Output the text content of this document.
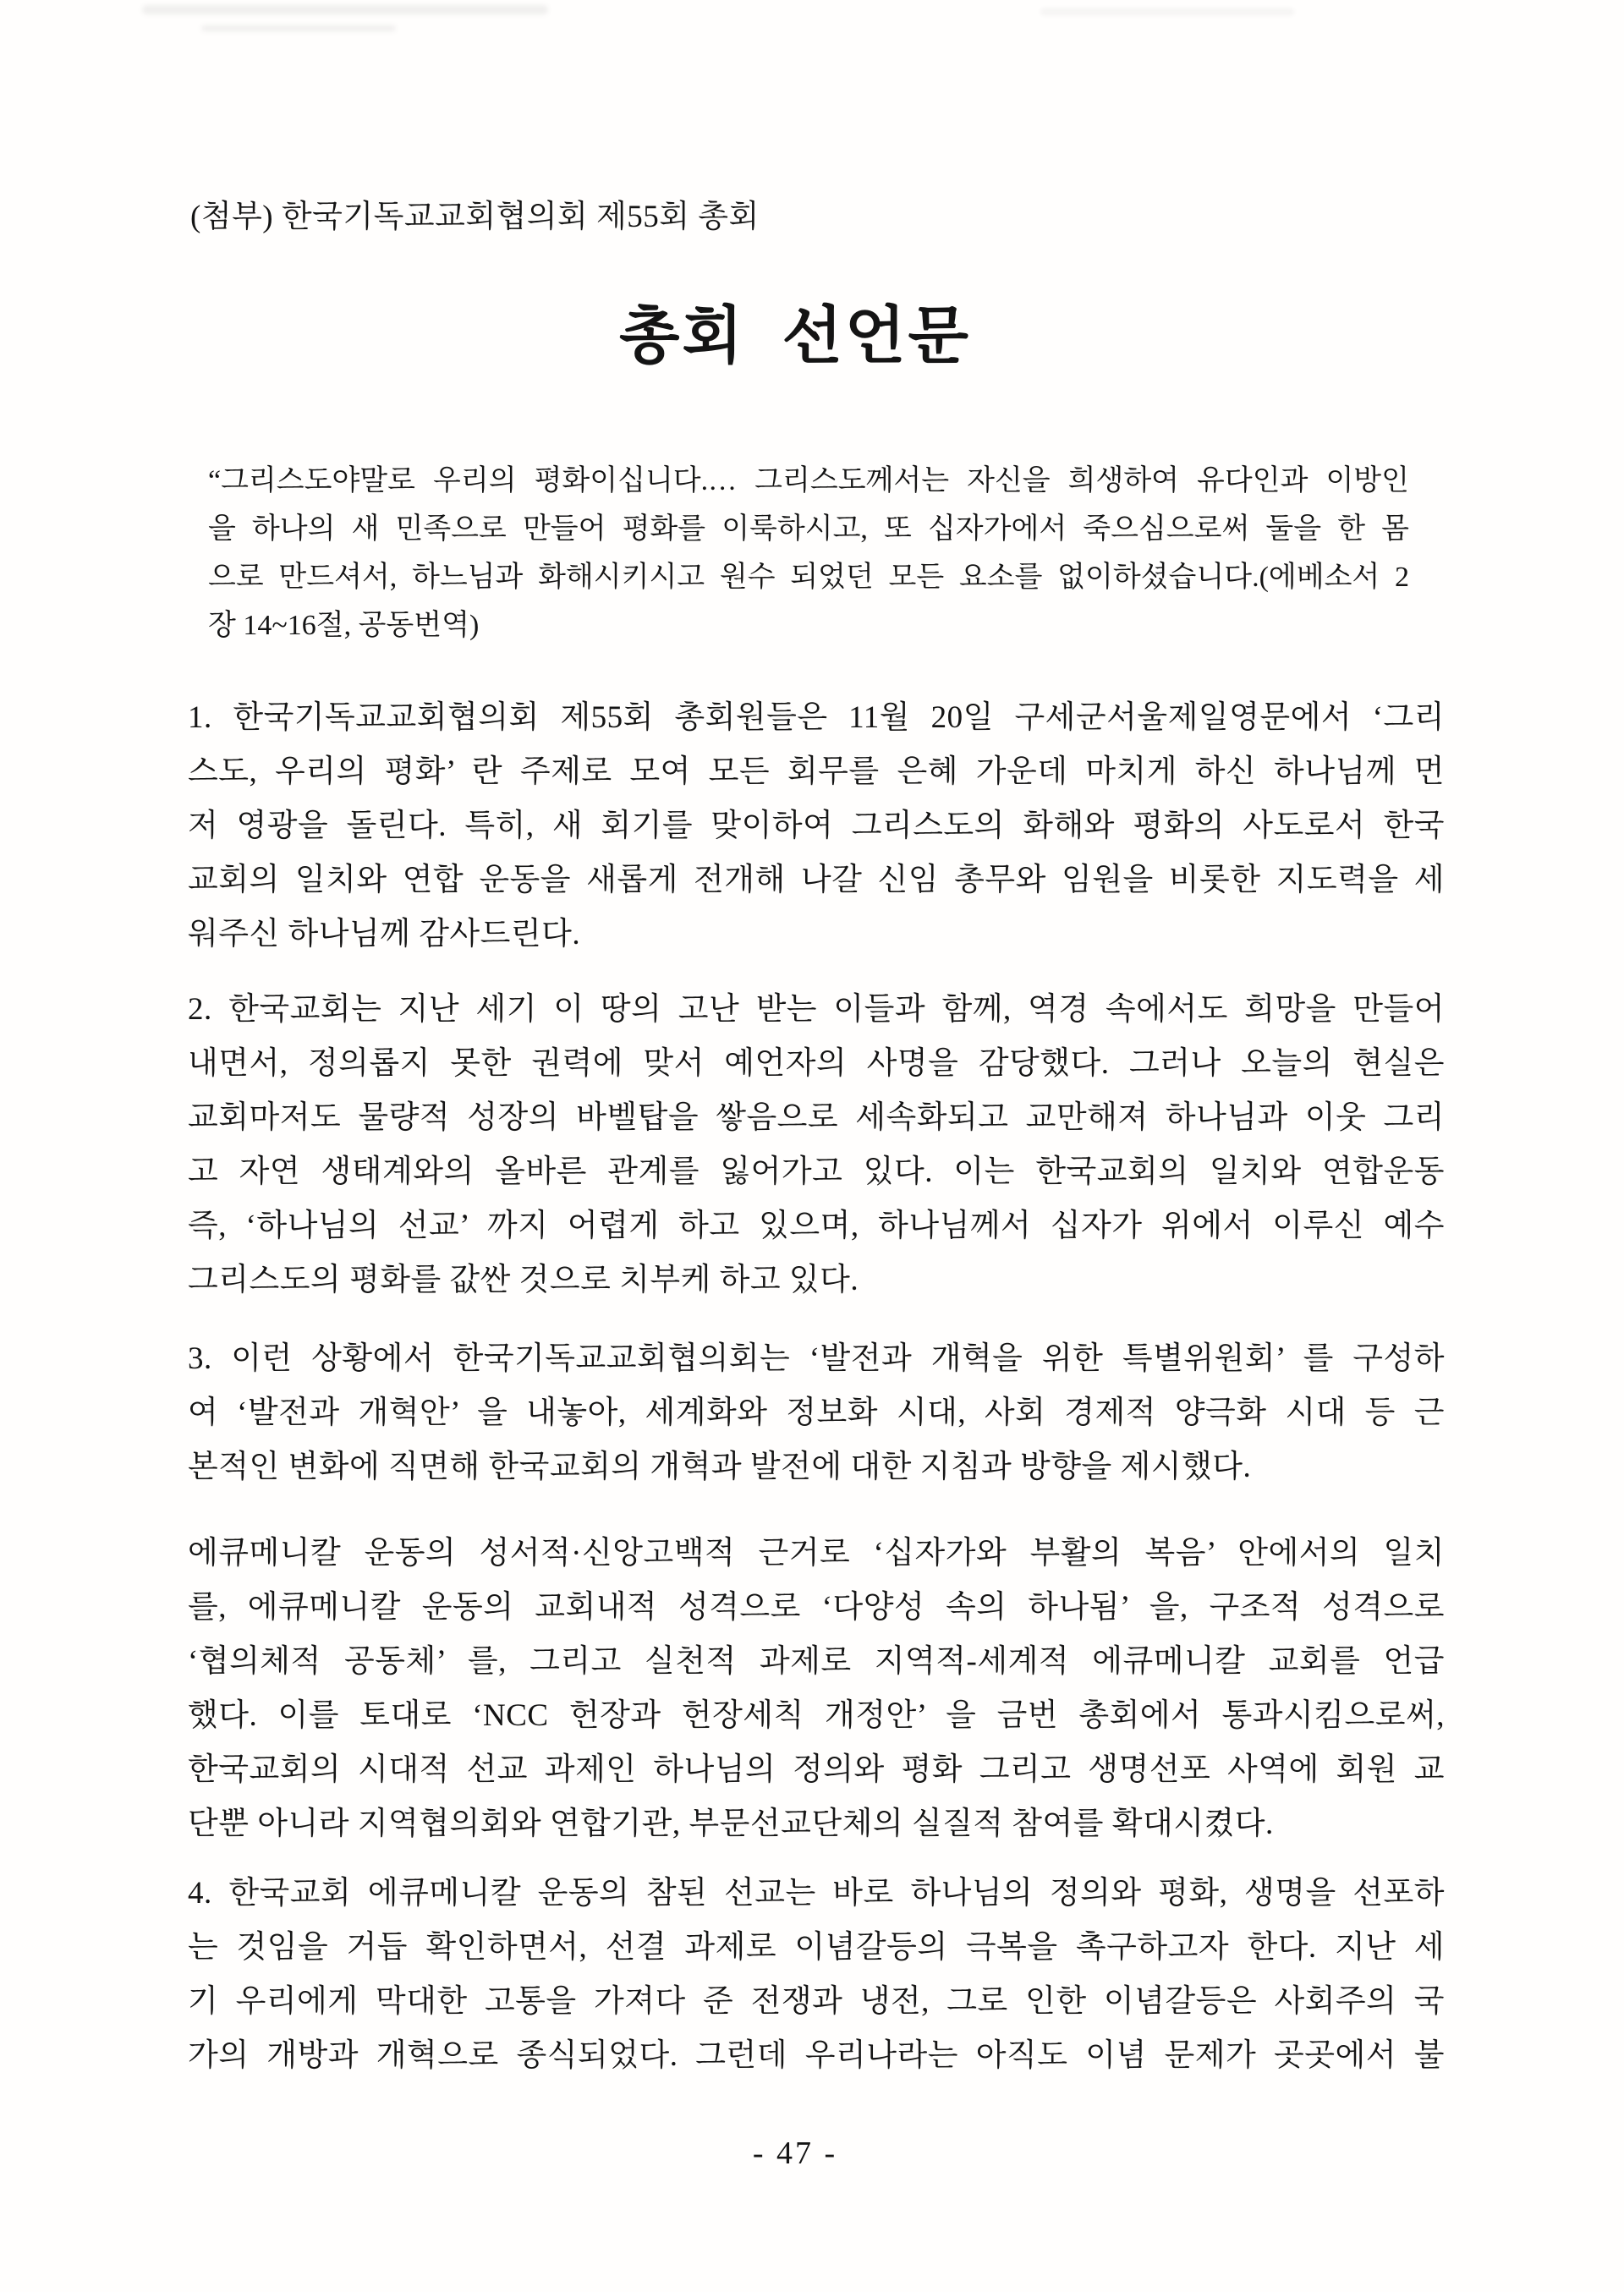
(첨부) 한국기독교교회협의회 제55회 총회
총회 선언문
“그리스도야말로 우리의 평화이십니다.… 그리스도께서는 자신을 희생하여 유다인과 이방인
을 하나의 새 민족으로 만들어 평화를 이룩하시고, 또 십자가에서 죽으심으로써 둘을 한 몸
으로 만드셔서, 하느님과 화해시키시고 원수 되었던 모든 요소를 없이하셨습니다.(에베소서 2
장 14~16절, 공동번역)
1. 한국기독교교회협의회 제55회 총회원들은 11월 20일 구세군서울제일영문에서 ‘그리
스도, 우리의 평화’ 란 주제로 모여 모든 회무를 은혜 가운데 마치게 하신 하나님께 먼
저 영광을 돌린다. 특히, 새 회기를 맞이하여 그리스도의 화해와 평화의 사도로서 한국
교회의 일치와 연합 운동을 새롭게 전개해 나갈 신임 총무와 임원을 비롯한 지도력을 세
워주신 하나님께 감사드린다.
2. 한국교회는 지난 세기 이 땅의 고난 받는 이들과 함께, 역경 속에서도 희망을 만들어
내면서, 정의롭지 못한 권력에 맞서 예언자의 사명을 감당했다. 그러나 오늘의 현실은
교회마저도 물량적 성장의 바벨탑을 쌓음으로 세속화되고 교만해져 하나님과 이웃 그리
고 자연 생태계와의 올바른 관계를 잃어가고 있다. 이는 한국교회의 일치와 연합운동
즉, ‘하나님의 선교’ 까지 어렵게 하고 있으며, 하나님께서 십자가 위에서 이루신 예수
그리스도의 평화를 값싼 것으로 치부케 하고 있다.
3. 이런 상황에서 한국기독교교회협의회는 ‘발전과 개혁을 위한 특별위원회’ 를 구성하
여 ‘발전과 개혁안’ 을 내놓아, 세계화와 정보화 시대, 사회 경제적 양극화 시대 등 근
본적인 변화에 직면해 한국교회의 개혁과 발전에 대한 지침과 방향을 제시했다.
에큐메니칼 운동의 성서적·신앙고백적 근거로 ‘십자가와 부활의 복음’ 안에서의 일치
를, 에큐메니칼 운동의 교회내적 성격으로 ‘다양성 속의 하나됨’ 을, 구조적 성격으로
‘협의체적 공동체’ 를, 그리고 실천적 과제로 지역적-세계적 에큐메니칼 교회를 언급
했다. 이를 토대로 ‘NCC 헌장과 헌장세칙 개정안’ 을 금번 총회에서 통과시킴으로써,
한국교회의 시대적 선교 과제인 하나님의 정의와 평화 그리고 생명선포 사역에 회원 교
단뿐 아니라 지역협의회와 연합기관, 부문선교단체의 실질적 참여를 확대시켰다.
4. 한국교회 에큐메니칼 운동의 참된 선교는 바로 하나님의 정의와 평화, 생명을 선포하
는 것임을 거듭 확인하면서, 선결 과제로 이념갈등의 극복을 촉구하고자 한다. 지난 세
기 우리에게 막대한 고통을 가져다 준 전쟁과 냉전, 그로 인한 이념갈등은 사회주의 국
가의 개방과 개혁으로 종식되었다. 그런데 우리나라는 아직도 이념 문제가 곳곳에서 불
- 47 -
